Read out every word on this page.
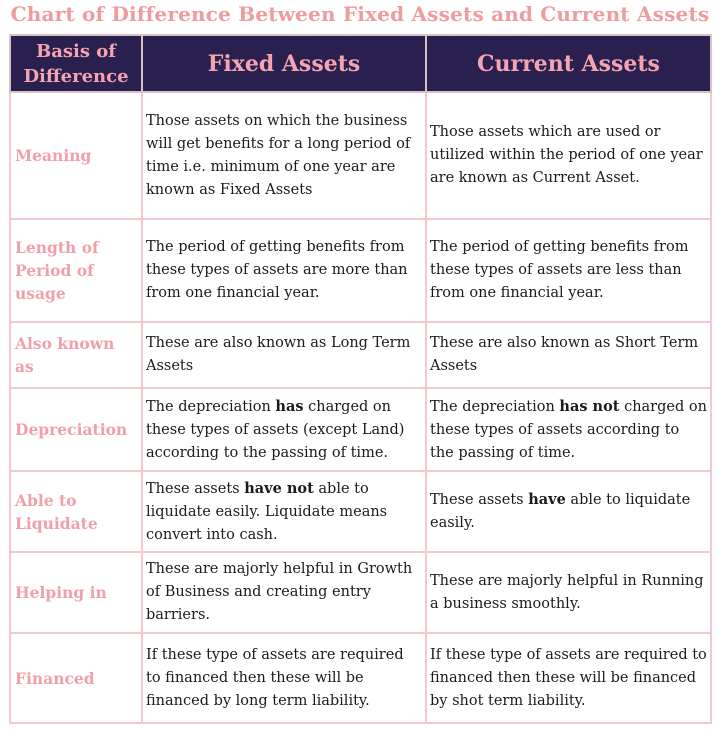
Chart of Difference Between Fixed Assets and Current Assets
Basis of
Difference	Fixed Assets	Current Assets
Meaning	Those assets on which the business will get benefits for a long period of time i.e. minimum of one year are known as Fixed Assets	Those assets which are used or utilized within the period of one year are known as Current Asset.
Length of Period of usage	The period of getting benefits from these types of assets are more than from one financial year.	The period of getting benefits from these types of assets are less than from one financial year.
Also known as	These are also known as Long Term Assets	These are also known as Short Term Assets
Depreciation	The depreciation has charged on these types of assets (except Land) according to the passing of time.	The depreciation has not charged on these types of assets according to the passing of time.
Able to Liquidate	These assets have not able to liquidate easily. Liquidate means convert into cash.	These assets have able to liquidate easily.
Helping in	These are majorly helpful in Growth of Business and creating entry barriers.	These are majorly helpful in Running a business smoothly.
Financed	If these type of assets are required to financed then these will be financed by long term liability.	If these type of assets are required to financed then these will be financed by shot term liability.
